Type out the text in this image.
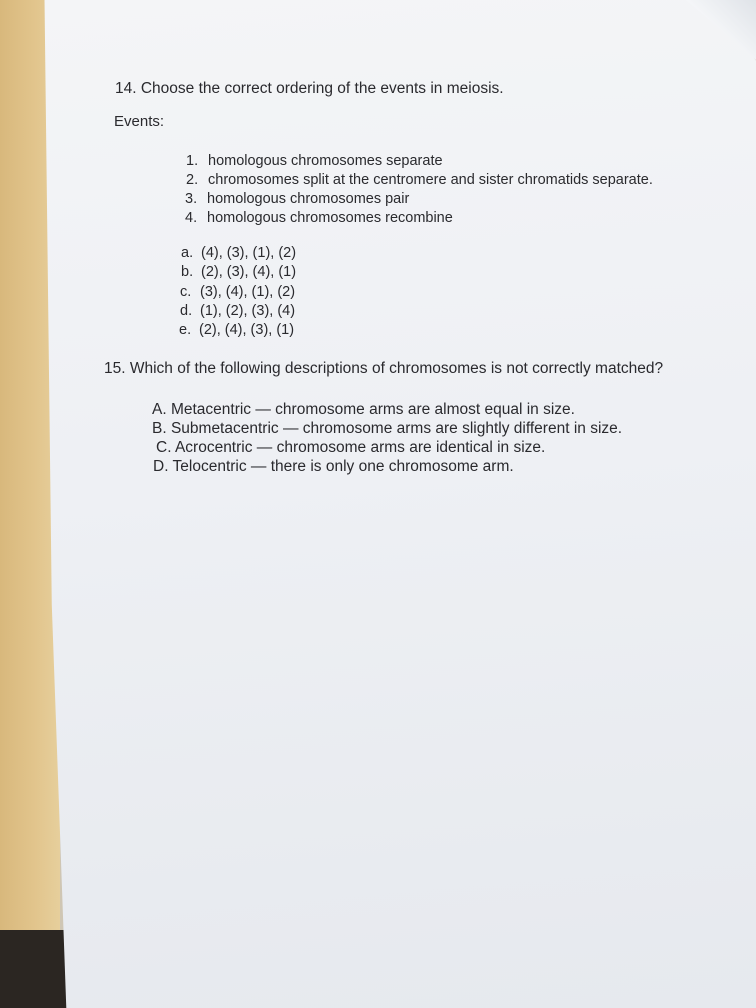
14. Choose the correct ordering of the events in meiosis.
Events:
1. homologous chromosomes separate
2. chromosomes split at the centromere and sister chromatids separate.
3. homologous chromosomes pair
4. homologous chromosomes recombine
a. (4), (3), (1), (2)
b. (2), (3), (4), (1)
c. (3), (4), (1), (2)
d. (1), (2), (3), (4)
e. (2), (4), (3), (1)
15. Which of the following descriptions of chromosomes is not correctly matched?
A. Metacentric — chromosome arms are almost equal in size.
B. Submetacentric — chromosome arms are slightly different in size.
C. Acrocentric — chromosome arms are identical in size.
D. Telocentric — there is only one chromosome arm.
